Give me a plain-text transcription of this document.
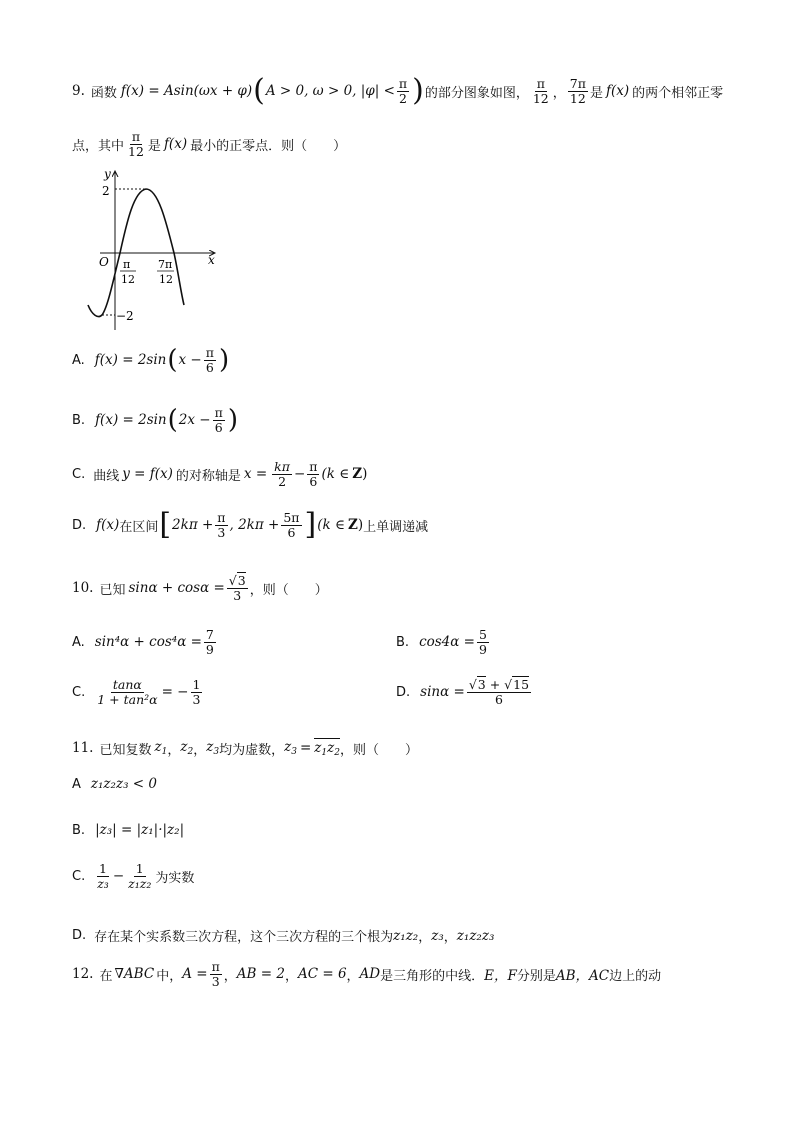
9. 函数 f(x) = Asin(ωx + φ) ( A > 0, ω > 0, $|\varphi| < \frac{\pi}{2}$ ) 的部分图象如图， $\frac{\pi}{12}$ ， $\frac{7\pi}{12}$ 是 f(x) 的两个相邻正零
点，其中 $\frac{\pi}{12}$ 是 f(x) 最小的正零点．则（　　）
y
x
O
2
−2
π
12
7π
12
A. f(x) = 2sin ( $x - \frac{\pi}{6}$ )
B. f(x) = 2sin ( $2x - \frac{\pi}{6}$ )
C. 曲线 y = f(x) 的对称轴是 $x = \frac{k\pi}{2} - \frac{\pi}{6} (k$ ∈ Z )
D. f(x) 在区间 [ $2k\pi + \frac{\pi}{3}$ , $2k\pi + \frac{5\pi}{6}$ ] (k ∈ Z ) 上单调递减
10. 已知 $\sin\alpha + \cos\alpha = \frac{√3}{3}$ ，则（　　）
A. $\sin^4\alpha + \cos^4\alpha = \frac{7}{9}$	B. $\cos 4\alpha = \frac{5}{9}$
C. $\frac{\tan\alpha}{\text{1 + tan²α}}$ = − $\frac{1}{3}$	D. $\sin\alpha = \frac{√3 + √15}{6}$
11. 已知复数 $z_1$ ， $z_2$ ， $z_3$ 均为虚数， $z_3 = z_1z_2$ ，则（　　）
A z₁z₂z₃ < 0
B. |z₃| = |z₁|·|z₂|
C. $\frac{1}{\text{z₃}} - \frac{1}{\text{z₁z₂}}$ 为实数
D. 存在某个实系数三次方程，这个三次方程的三个根为 z₁z₂ ， z₃ ， z₁z₂z₃
12. 在 ∇ABC 中， $A = \frac{\pi}{3}$ ， AB = 2 ， AC = 6 ， AD 是三角形的中线． E，F 分别是 AB，AC 边上的动
